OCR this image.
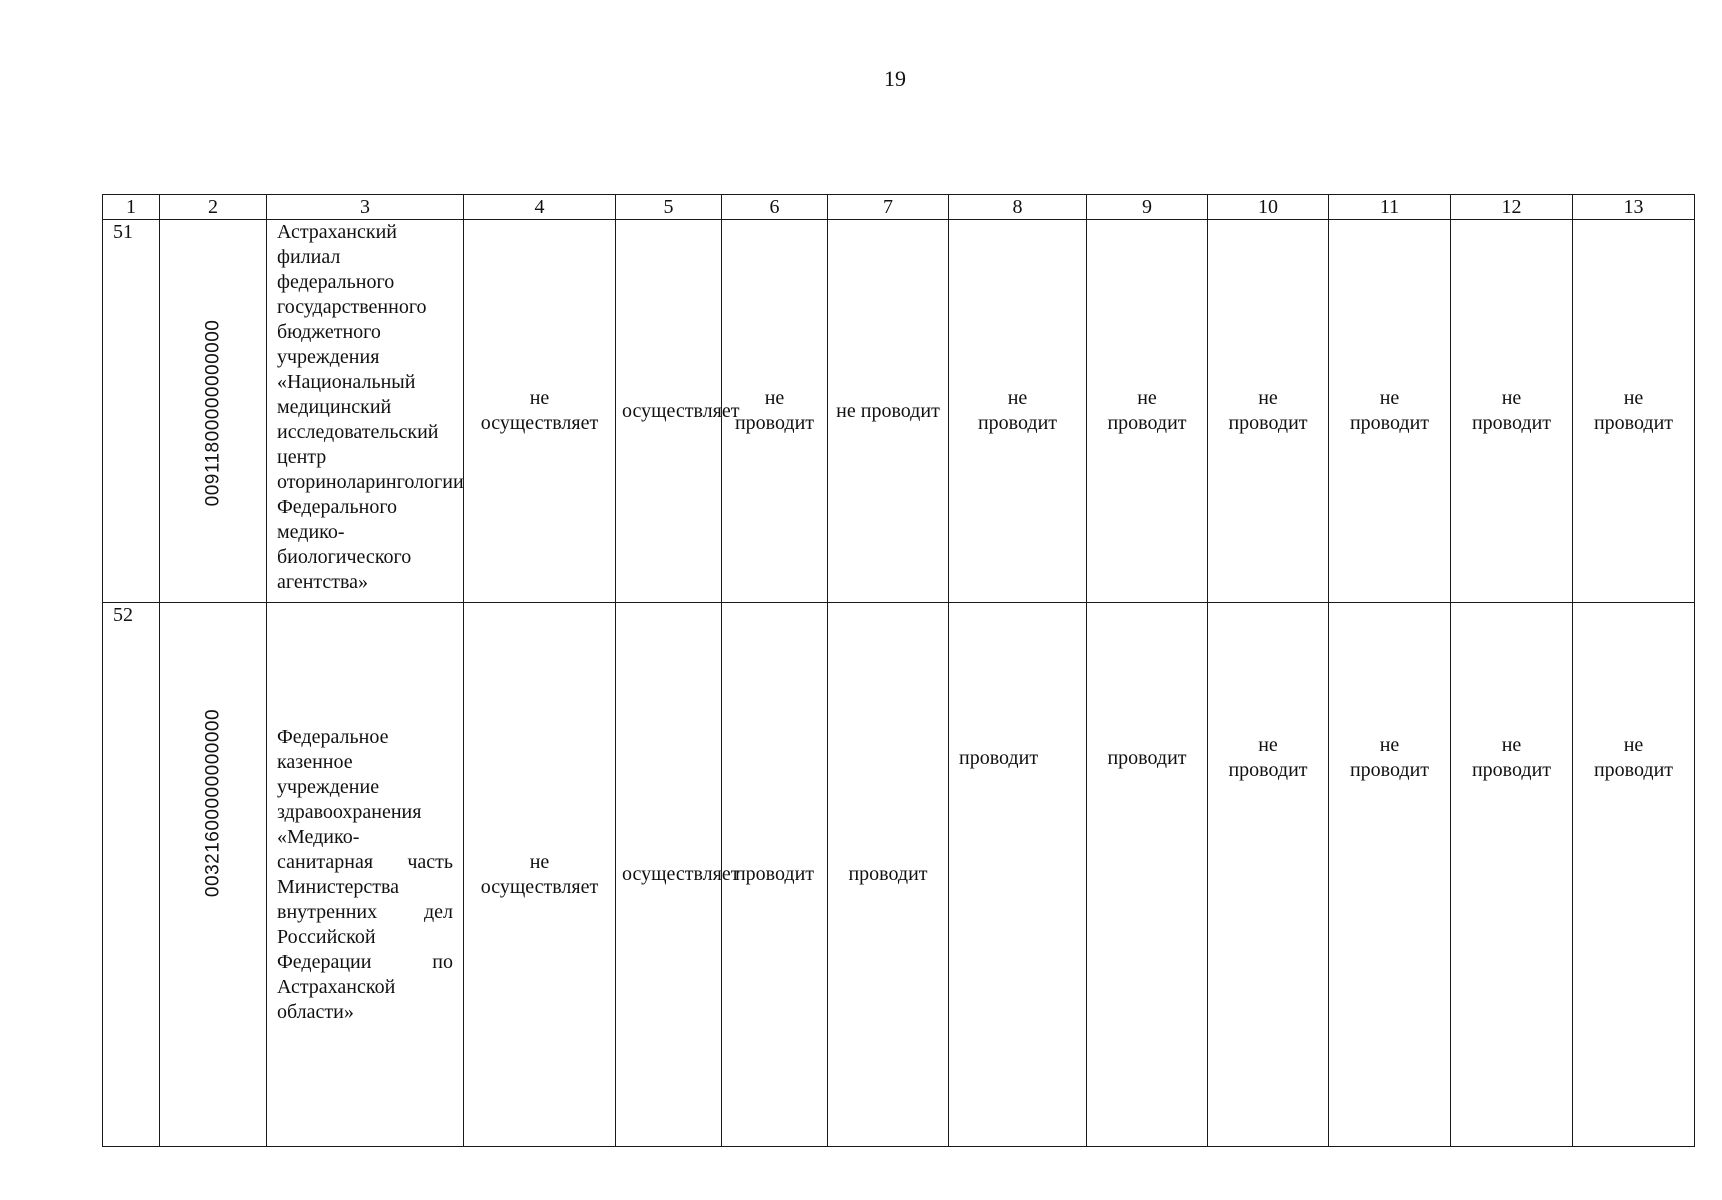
19
1	2	3	4	5	6	7	8	9	10	11	12	13
51	00911800000000000	Астраханский филиал федерального государственного бюджетного учреждения «Национальный медицинский исследовательский центр оториноларингологии Федерального медико-биологического агентства»	не осуществляет	осуществляет	не проводит	не проводит	не проводит	не проводит	не проводит	не проводит	не проводит	не проводит
52	00321600000000000	Федеральное казенное учреждение здравоохранения «Медико-санитарная часть Министерства внутренних дел Российской Федерации по Астраханской области»	не осуществляет	осуществляет	проводит	проводит	проводит	проводит	не проводит	не проводит	не проводит	не проводит
